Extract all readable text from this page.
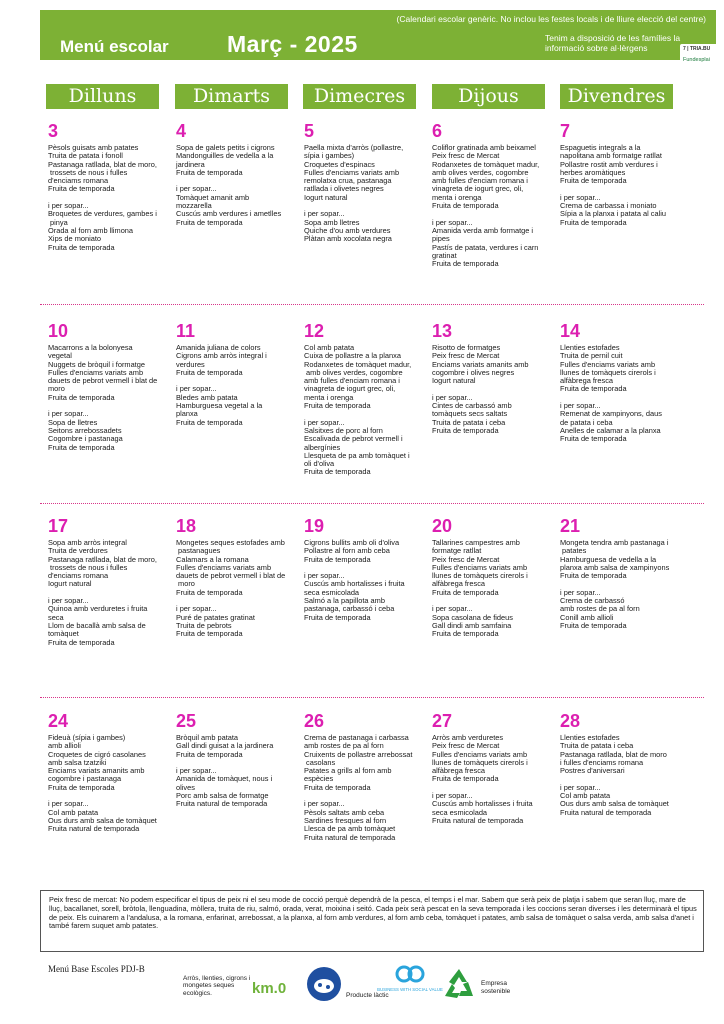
(Calendari escolar genèric. No inclou les festes locals i de lliure elecció del centre)
Menú escolar	Març - 2025	Tenim a disposició de les famílies la informació sobre al·lèrgens	7 | TRIA.BU
Fundesplai
Dilluns	Dimarts	Dimecres	Dijous	Divendres
3
Pèsols guisats amb patates
Truita de patata i fonoll
Pastanaga ratllada, blat de moro,
trossets de nous i fulles
d'enciams romana
Fruita de temporada
i per sopar...
Broquetes de verdures, gambes i
pinya
Orada al forn amb llimona
Xips de moniato
Fruita de temporada
4
Sopa de galets petits i cigrons
Mandonguilles de vedella a la
jardinera
Fruita de temporada
i per sopar...
Tomàquet amanit amb
mozzarella
Cuscús amb verdures i ametlles
Fruita de temporada
5
Paella mixta d'arròs (pollastre,
sípia i gambes)
Croquetes d'espinacs
Fulles d'enciams variats amb
remolatxa crua, pastanaga
ratllada i olivetes negres
Iogurt natural
i per sopar...
Sopa amb lletres
Quiche d'ou amb verdures
Plàtan amb xocolata negra
6
Coliflor gratinada amb beixamel
Peix fresc de Mercat
Rodanxetes de tomàquet madur,
amb olives verdes, cogombre
amb fulles d'enciam romana i
vinagreta de iogurt grec, oli,
menta i orenga
Fruita de temporada
i per sopar...
Amanida verda amb formatge i
pipes
Pastís de patata, verdures i carn
gratinat
Fruita de temporada
7
Espaguetis integrals a la
napolitana amb formatge ratllat
Pollastre rostit amb verdures i
herbes aromàtiques
Fruita de temporada
i per sopar...
Crema de carbassa i moniato
Sípia a la planxa i patata al caliu
Fruita de temporada
10
Macarrons a la bolonyesa
vegetal
Nuggets de bròquil i formatge
Fulles d'enciams variats amb
dauets de pebrot vermell i blat de
moro
Fruita de temporada
i per sopar...
Sopa de lletres
Seitons arrebossadets
Cogombre i pastanaga
Fruita de temporada
11
Amanida juliana de colors
Cigrons amb arròs integral i
verdures
Fruita de temporada
i per sopar...
Bledes amb patata
Hamburguesa vegetal a la
planxa
Fruita de temporada
12
Col amb patata
Cuixa de pollastre a la planxa
Rodanxetes de tomàquet madur,
amb olives verdes, cogombre
amb fulles d'enciam romana i
vinagreta de iogurt grec, oli,
menta i orenga
Fruita de temporada
i per sopar...
Salsitxes de porc al forn
Escalivada de pebrot vermell i
albergínies
Llesqueta de pa amb tomàquet i
oli d'oliva
Fruita de temporada
13
Risotto de formatges
Peix fresc de Mercat
Enciams variats amanits amb
cogombre i olives negres
Iogurt natural
i per sopar...
Cintes de carbassó amb
tomàquets secs saltats
Truita de patata i ceba
Fruita de temporada
14
Llenties estofades
Truita de pernil cuit
Fulles d'enciams variats amb
llunes de tomàquets cirerols i
alfàbrega fresca
Fruita de temporada
i per sopar...
Remenat de xampinyons, daus
de patata i ceba
Anelles de calamar a la planxa
Fruita de temporada
17
Sopa amb arròs integral
Truita de verdures
Pastanaga ratllada, blat de moro,
trossets de nous i fulles
d'enciams romana
Iogurt natural
i per sopar...
Quinoa amb verduretes i fruita
seca
Llom de bacallà amb salsa de
tomàquet
Fruita de temporada
18
Mongetes seques estofades amb
pastanagues
Calamars a la romana
Fulles d'enciams variats amb
dauets de pebrot vermell i blat de
moro
Fruita de temporada
i per sopar...
Puré de patates gratinat
Truita de pebrots
Fruita de temporada
19
Cigrons bullits amb oli d'oliva
Pollastre al forn amb ceba
Fruita de temporada
i per sopar...
Cuscús amb hortalisses i fruita
seca esmicolada
Salmó a la papillota amb
pastanaga, carbassó i ceba
Fruita de temporada
20
Tallarines campestres amb
formatge ratllat
Peix fresc de Mercat
Fulles d'enciams variats amb
llunes de tomàquets cirerols i
alfàbrega fresca
Fruita de temporada
i per sopar...
Sopa casolana de fideus
Gall dindi amb samfaina
Fruita de temporada
21
Mongeta tendra amb pastanaga i
patates
Hamburguesa de vedella a la
planxa amb salsa de xampinyons
Fruita de temporada
i per sopar...
Crema de carbassó
amb rostes de pa al forn
Conill amb allioli
Fruita de temporada
24
Fideuà (sípia i gambes)
amb allioli
Croquetes de cigró casolanes
amb salsa tzatziki
Enciams variats amanits amb
cogombre i pastanaga
Fruita de temporada
i per sopar...
Col amb patata
Ous durs amb salsa de tomàquet
Fruita natural de temporada
25
Bròquil amb patata
Gall dindi guisat a la jardinera
Fruita de temporada
i per sopar...
Amanida de tomàquet, nous i
olives
Porc amb salsa de formatge
Fruita natural de temporada
26
Crema de pastanaga i carbassa
amb rostes de pa al forn
Cruixents de pollastre arrebossat
casolans
Patates a grills al forn amb
espècies
Fruita de temporada
i per sopar...
Pèsols saltats amb ceba
Sardines fresques al forn
Llesca de pa amb tomàquet
Fruita natural de temporada
27
Arròs amb verduretes
Peix fresc de Mercat
Fulles d'enciams variats amb
llunes de tomàquets cirerols i
alfàbrega fresca
Fruita de temporada
i per sopar...
Cuscús amb hortalisses i fruita
seca esmicolada
Fruita natural de temporada
28
Llenties estofades
Truita de patata i ceba
Pastanaga ratllada, blat de moro
i fulles d'enciams romana
Postres d'aniversari
i per sopar...
Col amb patata
Ous durs amb salsa de tomàquet
Fruita natural de temporada
Peix fresc de mercat: No podem especificar el tipus de peix ni el seu mode de cocció perquè dependrà de la pesca, el temps i el mar. Sabem que serà peix de platja i sabem que seran lluç, mare de lluç, bacallanet, sorell, bròtola, llenguadina, mòllera, truita de riu, salmó, orada, verat, moixina i seitó. Cada peix serà pescat en la seva temporada i les coccions seran diverses i les determinarà el tipus de peix. Els cuinarem a l'andalusa, a la romana, enfarinat, arrebossat, a la planxa, al forn amb verdures, al forn amb ceba, tomàquet i patates, amb salsa de tomàquet o salsa verda, amb salsa d'anet i també farem suquet amb patates.
Menú Base Escoles PDJ-B
Arròs, llenties, cigrons i mongetes seques ecològics.	km.0	Producte làctic
BUSINESS WITH SOCIAL VALUE
Empresa sostenible
